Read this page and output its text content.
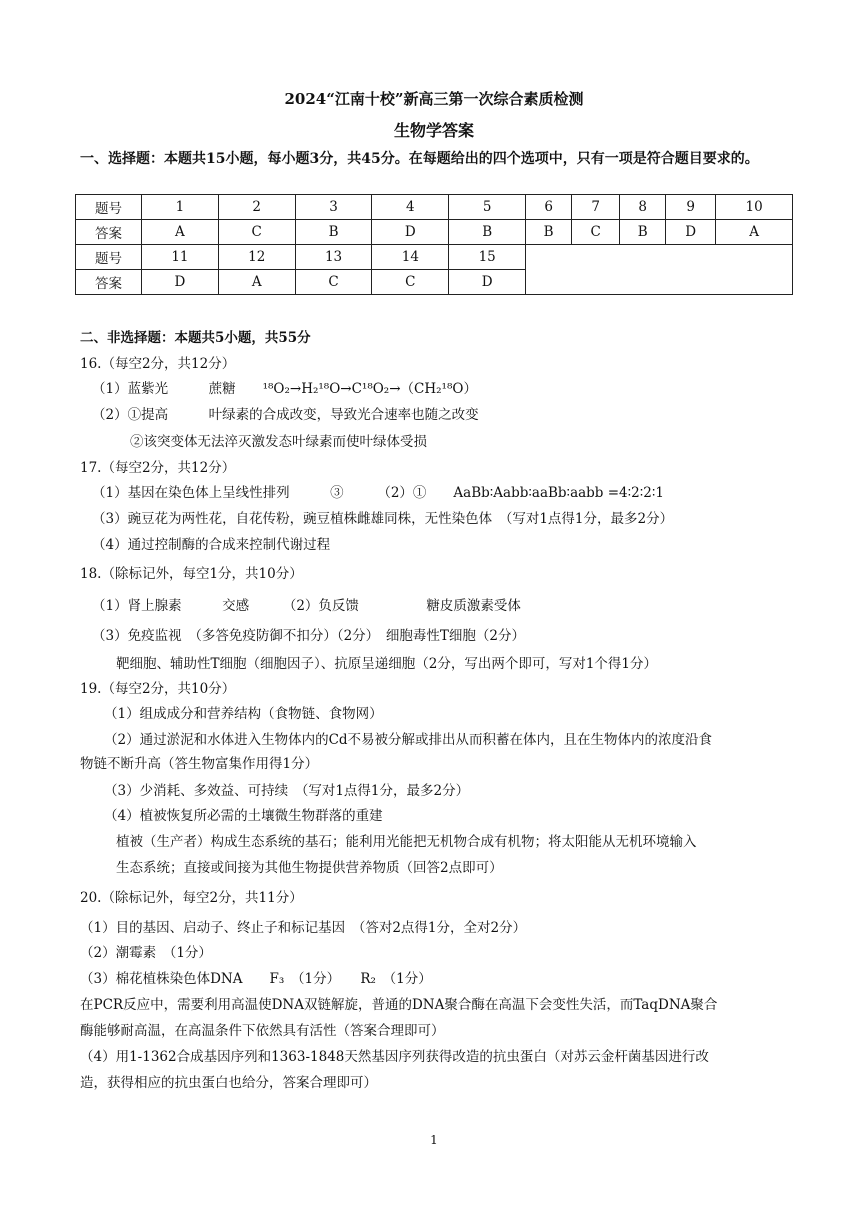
2024“江南十校”新高三第一次综合素质检测
生物学答案
一、选择题：本题共15小题，每小题3分，共45分。在每题给出的四个选项中，只有一项是符合题目要求的。
题号	1	2	3	4	5	6	7	8	9	10
答案	A	C	B	D	B	B	C	B	D	A
题号	11	12	13	14	15					
答案	D	A	C	C	D					
二、非选择题：本题共5小题，共55分
16.（每空2分，共12分）
（1）蓝紫光　　　蔗糖　　¹⁸O₂→H₂¹⁸O→C¹⁸O₂→（CH₂¹⁸O）
（2）①提高　　　叶绿素的合成改变，导致光合速率也随之改变
②该突变体无法淬灭激发态叶绿素而使叶绿体受损
17.（每空2分，共12分）
（1）基因在染色体上呈线性排列　　　③　　　（2）①　　AaBb∶Aabb∶aaBb∶aabb =4∶2∶2∶1
（3）豌豆花为两性花，自花传粉，豌豆植株雌雄同株，无性染色体　（写对1点得1分，最多2分）
（4）通过控制酶的合成来控制代谢过程
18.（除标记外，每空1分，共10分）
（1）肾上腺素　　　交感　　　（2）负反馈　　　　　糖皮质激素受体
（3）免疫监视　（多答免疫防御不扣分）（2分）　细胞毒性T细胞（2分）
靶细胞、辅助性T细胞（细胞因子）、抗原呈递细胞（2分，写出两个即可，写对1个得1分）
19.（每空2分，共10分）
（1）组成成分和营养结构（食物链、食物网）
（2）通过淤泥和水体进入生物体内的Cd不易被分解或排出从而积蓄在体内，且在生物体内的浓度沿食
物链不断升高（答生物富集作用得1分）
（3）少消耗、多效益、可持续　（写对1点得1分，最多2分）
（4）植被恢复所必需的土壤微生物群落的重建
植被（生产者）构成生态系统的基石；能利用光能把无机物合成有机物；将太阳能从无机环境输入
生态系统；直接或间接为其他生物提供营养物质（回答2点即可）
20.（除标记外，每空2分，共11分）
（1）目的基因、启动子、终止子和标记基因　（答对2点得1分，全对2分）
（2）潮霉素　（1分）
（3）棉花植株染色体DNA　　F₃　（1分）　　R₂　（1分）
在PCR反应中，需要利用高温使DNA双链解旋，普通的DNA聚合酶在高温下会变性失活，而TaqDNA聚合
酶能够耐高温，在高温条件下依然具有活性（答案合理即可）
（4）用1-1362合成基因序列和1363-1848天然基因序列获得改造的抗虫蛋白（对苏云金杆菌基因进行改
造，获得相应的抗虫蛋白也给分，答案合理即可）
1
